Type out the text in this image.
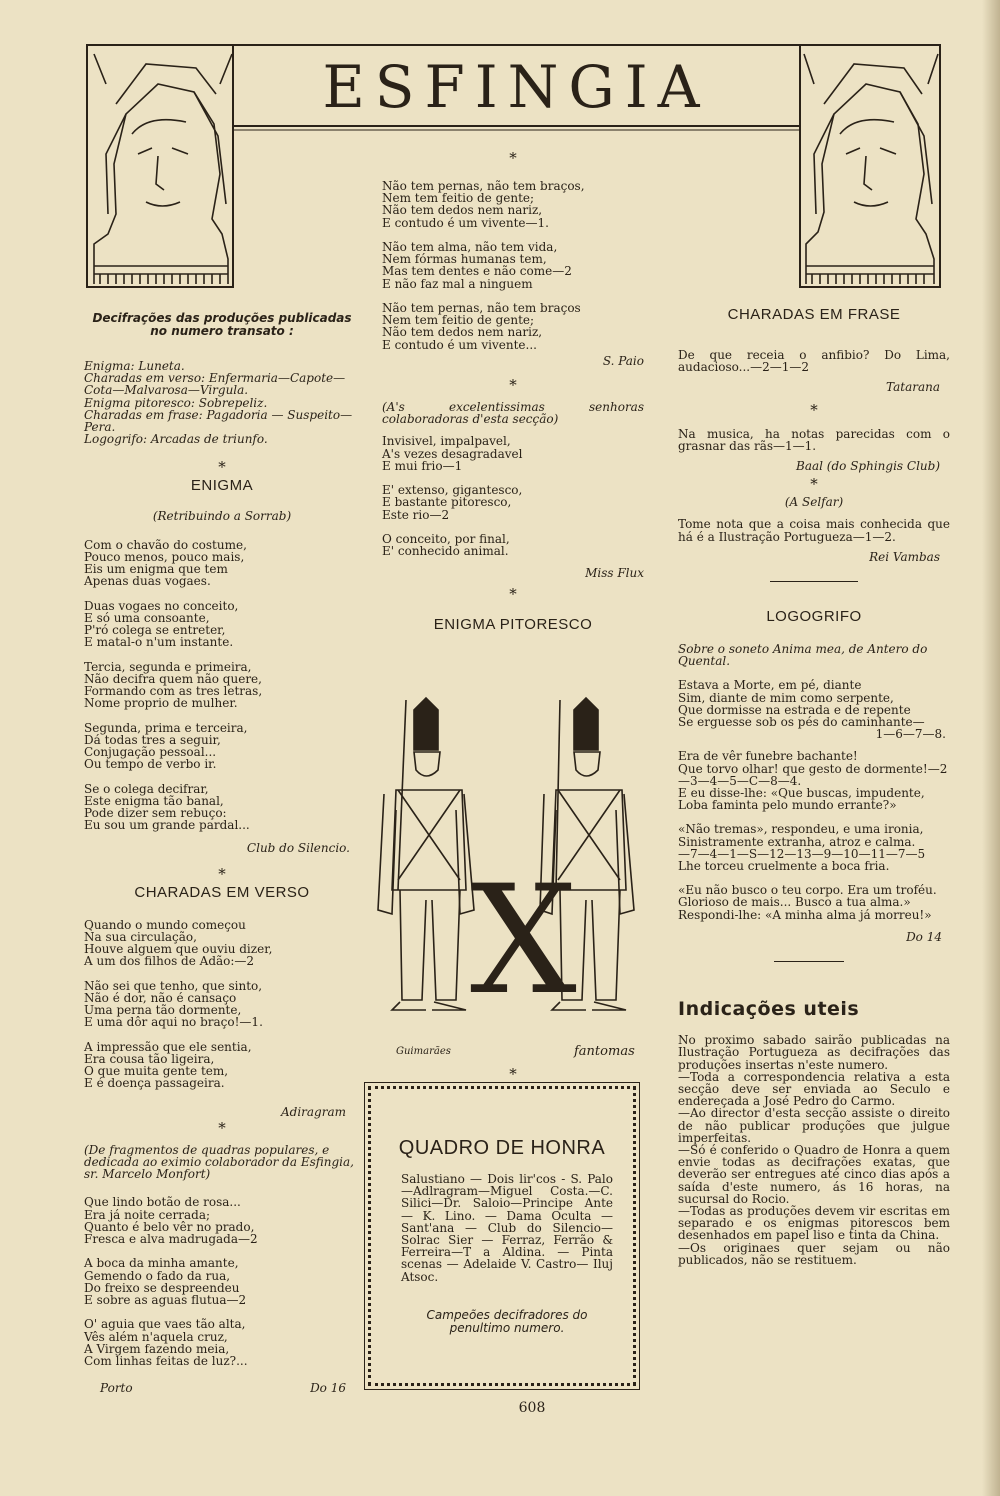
ESFINGIA

Decifrações das produções publicadas no numero transato :

Enigma: Luneta.
Charadas em verso: Enfermaria—Capote—Cota—Malvarosa—Virgula.
Enigma pitoresco: Sobrepeliz.
Charadas em frase: Pagadoria — Suspeito—Pera.
Logogrifo: Arcadas de triunfo.

*
ENIGMA

(Retribuindo a Sorrab)

Com o chavão do costume,
Pouco menos, pouco mais,
Eis um enigma que tem
Apenas duas vogaes.

Duas vogaes no conceito,
E só uma consoante,
P'ró colega se entreter,
E matal-o n'um instante.

Tercia, segunda e primeira,
Não decifra quem não quere,
Formando com as tres letras,
Nome proprio de mulher.

Segunda, prima e terceira,
Dá todas tres a seguir,
Conjugação pessoal...
Ou tempo de verbo ir.

Se o colega decifrar,
Este enigma tão banal,
Pode dizer sem rebuço:
Eu sou um grande pardal...

Club do Silencio.

*
CHARADAS EM VERSO

Quando o mundo começou
Na sua circulação,
Houve alguem que ouviu dizer,
A um dos filhos de Adão:—2

Não sei que tenho, que sinto,
Não é dor, não é cansaço
Uma perna tão dormente,
E uma dôr aqui no braço!—1.

A impressão que ele sentia,
Era cousa tão ligeira,
O que muita gente tem,
E é doença passageira.

Adiragram

*

(De fragmentos de quadras populares, e dedicada ao eximio colaborador da Esfingia, sr. Marcelo Monfort)

Que lindo botão de rosa...
Era já noite cerrada;
Quanto é belo vêr no prado,
Fresca e alva madrugada—2

A boca da minha amante,
Gemendo o fado da rua,
Do freixo se despreendeu
E sobre as aguas flutua—2

O' aguia que vaes tão alta,
Vês além n'aquela cruz,
A Virgem fazendo meia,
Com linhas feitas de luz?...

Porto	Do 16
*

Não tem pernas, não tem braços,
Nem tem feitio de gente;
Não tem dedos nem nariz,
E contudo é um vivente—1.

Não tem alma, não tem vida,
Nem fórmas humanas tem,
Mas tem dentes e não come—2
E não faz mal a ninguem

Não tem pernas, não tem braços
Nem tem feitio de gente;
Não tem dedos nem nariz,
E contudo é um vivente...

S. Paio

*

(A's excelentissimas senhoras colaboradoras d'esta secção)

Invisivel, impalpavel,
A's vezes desagradavel
E mui frio—1

E' extenso, gigantesco,
E bastante pitoresco,
Este rio—2

O conceito, por final,
E' conhecido animal.

Miss Flux

*
ENIGMA PITORESCO
X
Guimarães	fantomas
*
QUADRO DE HONRA

Salustiano — Dois lir'cos - S. Palo—Adlragram—Miguel Costa.—C. Silici—Dr. Saloio—Principe Ante — K. Lino. — Dama Oculta — Sant'ana — Club do Silencio—Solrac Sier — Ferraz, Ferrão & Ferreira—T a Aldina. — Pinta scenas — Adelaide V. Castro— Iluj Atsoc.

Campeões decifradores do penultimo numero.

608
CHARADAS EM FRASE

De que receia o anfibio? Do Lima, audacioso...—2—1—2

Tatarana

*

Na musica, ha notas parecidas com o grasnar das rãs—1—1.

Baal (do Sphingis Club)

*

(A Selfar)

Tome nota que a coisa mais conhecida que há é a Ilustração Portugueza—1—2.

Rei Vambas

LOGOGRIFO

Sobre o soneto Anima mea, de Antero do Quental.

Estava a Morte, em pé, diante
Sim, diante de mim como serpente,
Que dormisse na estrada e de repente
Se erguesse sob os pés do caminhante—

1—6—7—8.

Era de vêr funebre bachante!
Que torvo olhar! que gesto de dormente!—2—3—4—5—C—8—4.
E eu disse-lhe: «Que buscas, impudente,
Loba faminta pelo mundo errante?»

«Não tremas», respondeu, e uma ironia,
Sinistramente extranha, atroz e calma.
—7—4—1—S—12—13—9—10—11—7—5
Lhe torceu cruelmente a boca fria.

«Eu não busco o teu corpo. Era um troféu.
Glorioso de mais... Busco a tua alma.»
Respondi-lhe: «A minha alma já morreu!»

Do 14

Indicações uteis

No proximo sabado sairão publicadas na Ilustração Portugueza as decifrações das produções insertas n'este numero.
—Toda a correspondencia relativa a esta secção deve ser enviada ao Seculo e endereçada a José Pedro do Carmo.
—Ao director d'esta secção assiste o direito de não publicar produções que julgue imperfeitas.
—Só é conferido o Quadro de Honra a quem envie todas as decifrações exatas, que deverão ser entregues até cinco dias após a saída d'este numero, ás 16 horas, na sucursal do Rocio.
—Todas as produções devem vir escritas em separado e os enigmas pitorescos bem desenhados em papel liso e tinta da China.
—Os originaes quer sejam ou não publicados, não se restituem.
